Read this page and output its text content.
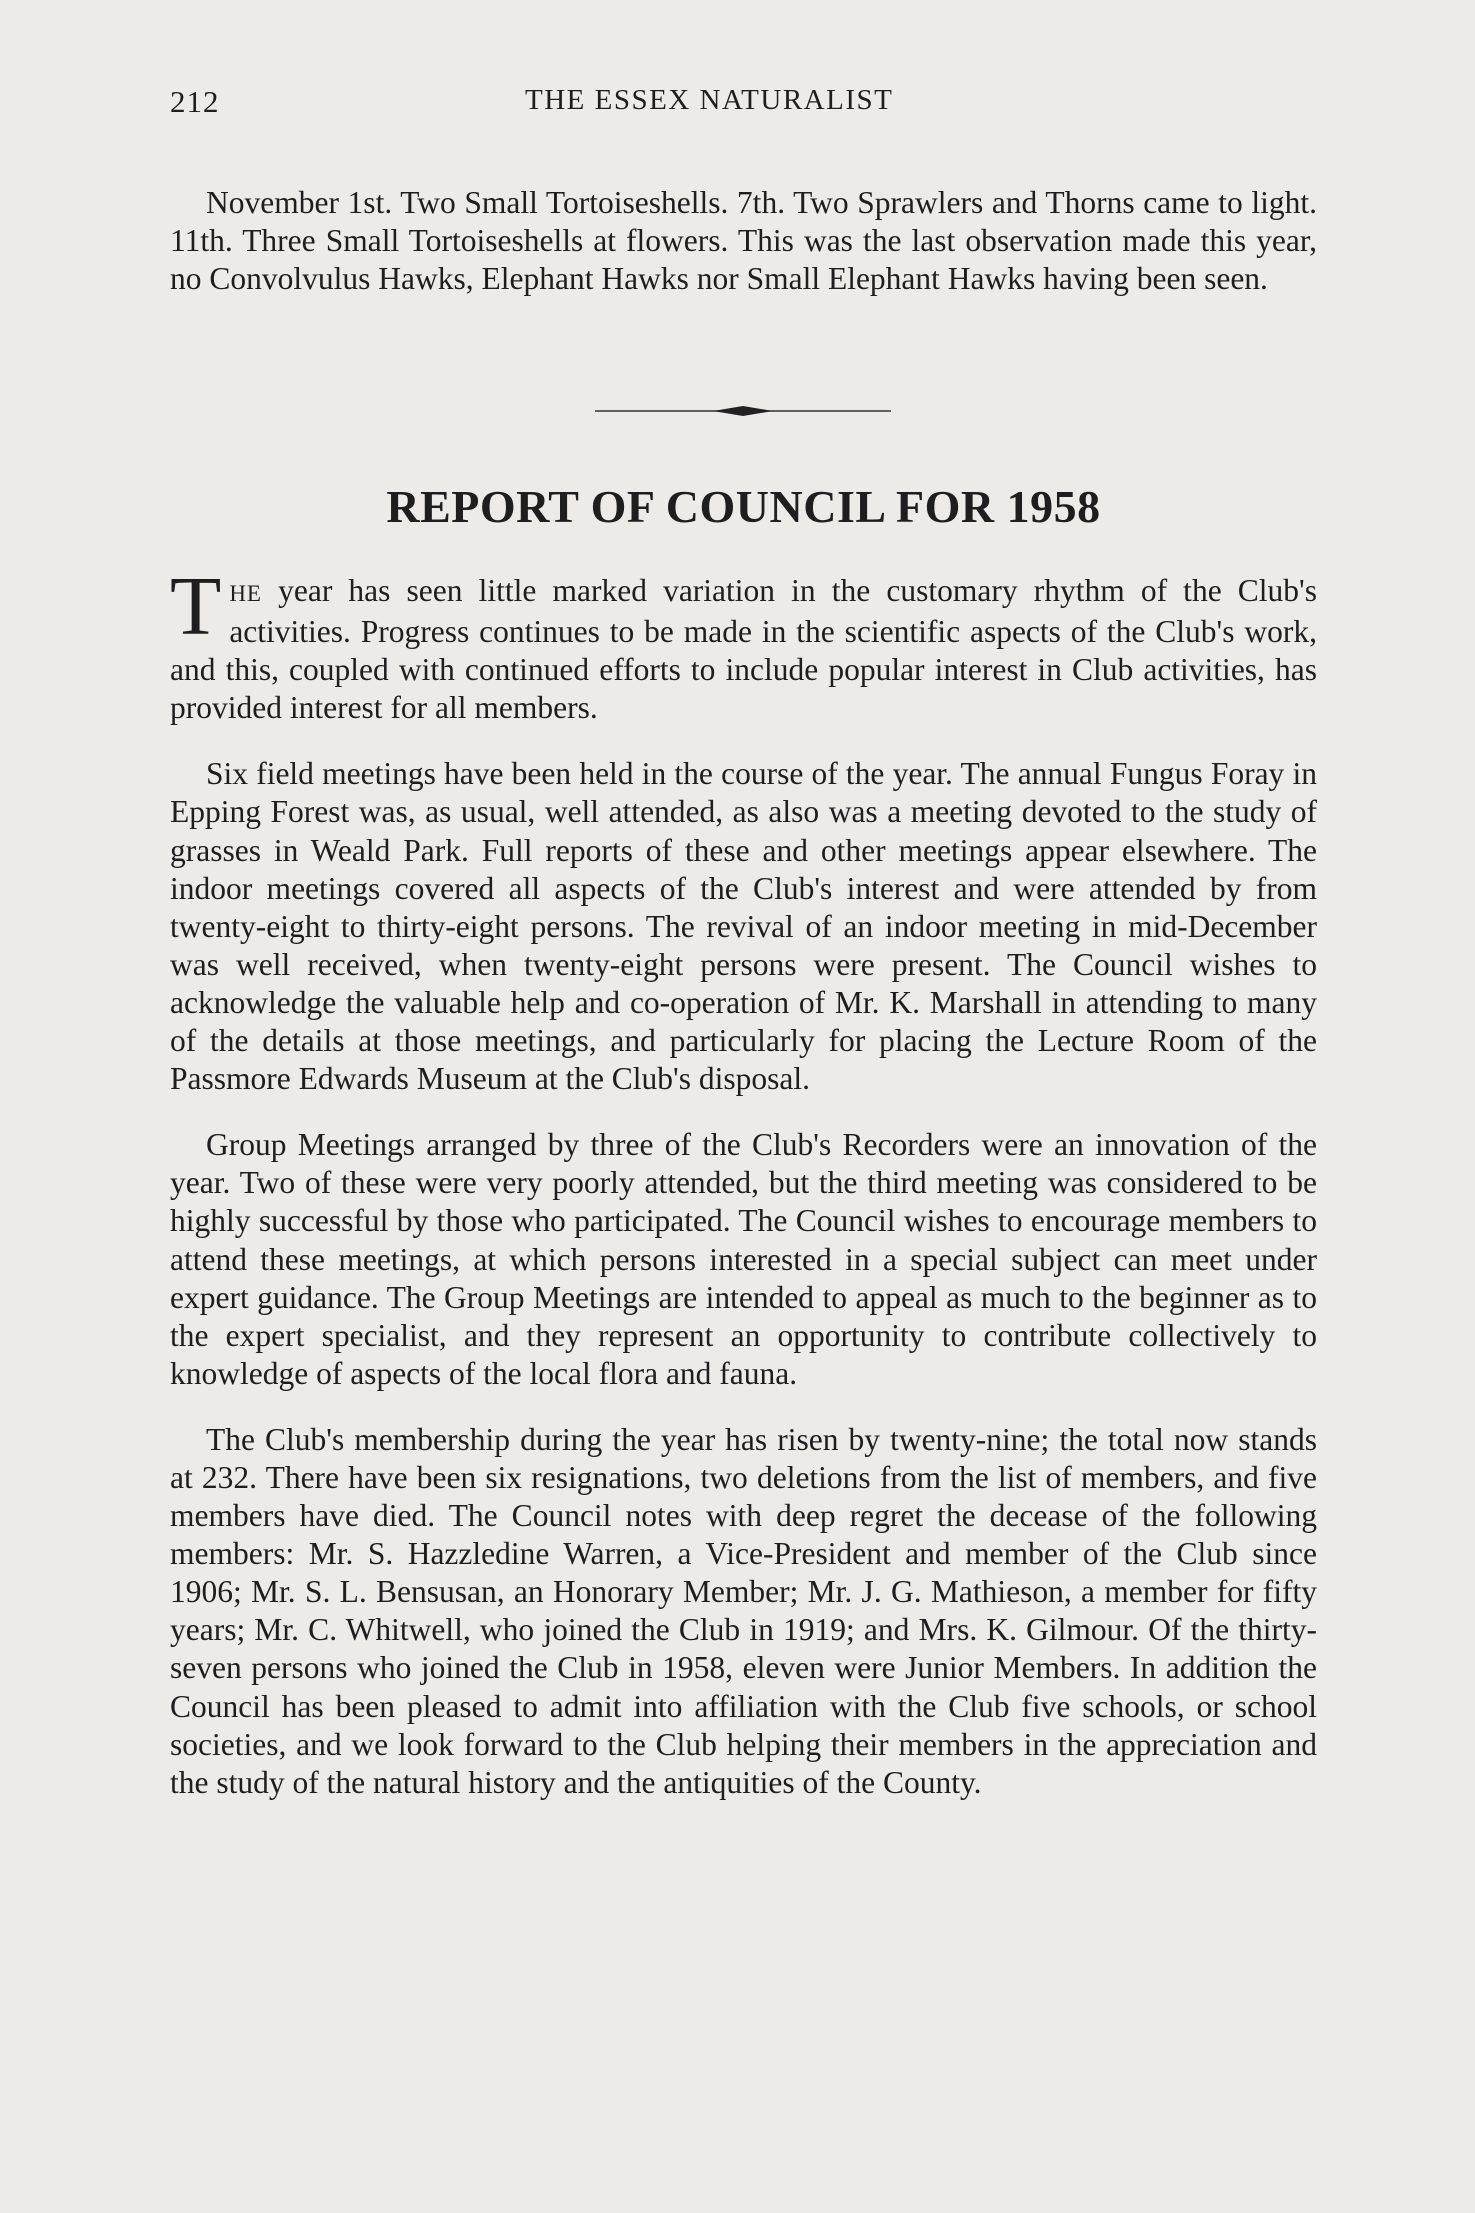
212	THE ESSEX NATURALIST

November 1st. Two Small Tortoiseshells. 7th. Two Sprawlers and Thorns came to light. 11th. Three Small Tortoiseshells at flowers. This was the last observation made this year, no Convolvulus Hawks, Elephant Hawks nor Small Elephant Hawks having been seen.

REPORT OF COUNCIL FOR 1958

THE year has seen little marked variation in the customary rhythm of the Club's activities. Progress continues to be made in the scientific aspects of the Club's work, and this, coupled with continued efforts to include popular interest in Club activities, has provided interest for all members.

Six field meetings have been held in the course of the year. The annual Fungus Foray in Epping Forest was, as usual, well attended, as also was a meeting devoted to the study of grasses in Weald Park. Full reports of these and other meetings appear elsewhere. The indoor meetings covered all aspects of the Club's interest and were attended by from twenty-eight to thirty-eight persons. The revival of an indoor meeting in mid-December was well received, when twenty-eight persons were present. The Council wishes to acknowledge the valuable help and co-operation of Mr. K. Marshall in attending to many of the details at those meetings, and particularly for placing the Lecture Room of the Passmore Edwards Museum at the Club's disposal.

Group Meetings arranged by three of the Club's Recorders were an innovation of the year. Two of these were very poorly attended, but the third meeting was considered to be highly successful by those who participated. The Council wishes to encourage members to attend these meetings, at which persons interested in a special subject can meet under expert guidance. The Group Meetings are intended to appeal as much to the beginner as to the expert specialist, and they represent an opportunity to contribute collectively to knowledge of aspects of the local flora and fauna.

The Club's membership during the year has risen by twenty-nine; the total now stands at 232. There have been six resignations, two deletions from the list of members, and five members have died. The Council notes with deep regret the decease of the following members: Mr. S. Hazzledine Warren, a Vice-President and member of the Club since 1906; Mr. S. L. Bensusan, an Honorary Member; Mr. J. G. Mathieson, a member for fifty years; Mr. C. Whitwell, who joined the Club in 1919; and Mrs. K. Gilmour. Of the thirty-seven persons who joined the Club in 1958, eleven were Junior Members. In addition the Council has been pleased to admit into affiliation with the Club five schools, or school societies, and we look forward to the Club helping their members in the appreciation and the study of the natural history and the antiquities of the County.
